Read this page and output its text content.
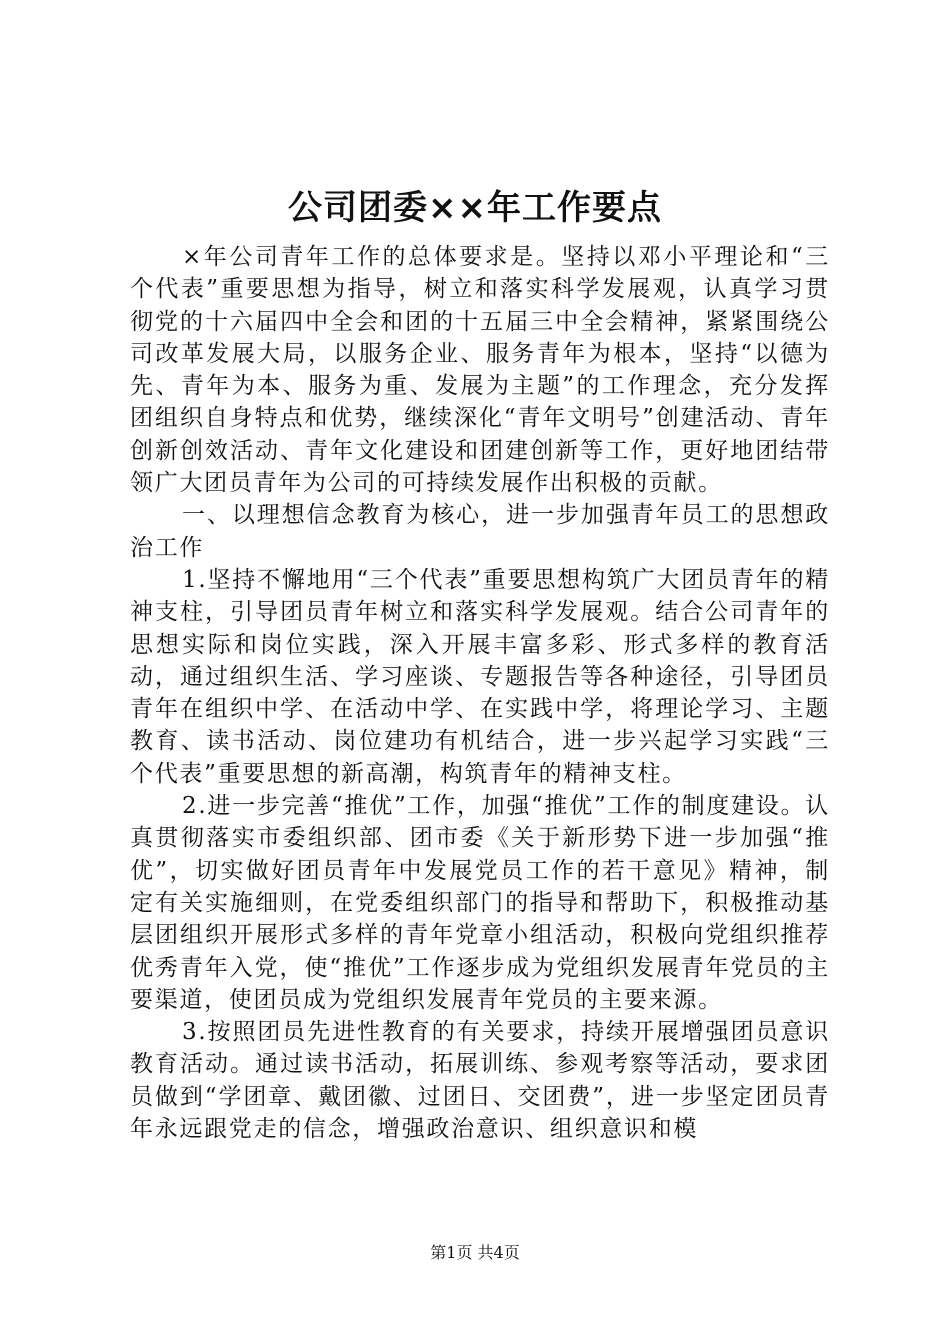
公司团委××年工作要点

×年公司青年工作的总体要求是。坚持以邓小平理论和“三个代表”重要思想为指导，树立和落实科学发展观，认真学习贯彻党的十六届四中全会和团的十五届三中全会精神，紧紧围绕公司改革发展大局，以服务企业、服务青年为根本，坚持“以德为先、青年为本、服务为重、发展为主题”的工作理念，充分发挥团组织自身特点和优势，继续深化“青年文明号”创建活动、青年创新创效活动、青年文化建设和团建创新等工作，更好地团结带领广大团员青年为公司的可持续发展作出积极的贡献。

一、以理想信念教育为核心，进一步加强青年员工的思想政治工作

1.坚持不懈地用“三个代表”重要思想构筑广大团员青年的精神支柱，引导团员青年树立和落实科学发展观。结合公司青年的思想实际和岗位实践，深入开展丰富多彩、形式多样的教育活动，通过组织生活、学习座谈、专题报告等各种途径，引导团员青年在组织中学、在活动中学、在实践中学，将理论学习、主题教育、读书活动、岗位建功有机结合，进一步兴起学习实践“三个代表”重要思想的新高潮，构筑青年的精神支柱。

2.进一步完善“推优”工作，加强“推优”工作的制度建设。认真贯彻落实市委组织部、团市委《关于新形势下进一步加强“推优”，切实做好团员青年中发展党员工作的若干意见》精神，制定有关实施细则，在党委组织部门的指导和帮助下，积极推动基层团组织开展形式多样的青年党章小组活动，积极向党组织推荐优秀青年入党，使“推优”工作逐步成为党组织发展青年党员的主要渠道，使团员成为党组织发展青年党员的主要来源。

3.按照团员先进性教育的有关要求，持续开展增强团员意识教育活动。通过读书活动，拓展训练、参观考察等活动，要求团员做到“学团章、戴团徽、过团日、交团费”，进一步坚定团员青年永远跟党走的信念，增强政治意识、组织意识和模

第1页 共4页
